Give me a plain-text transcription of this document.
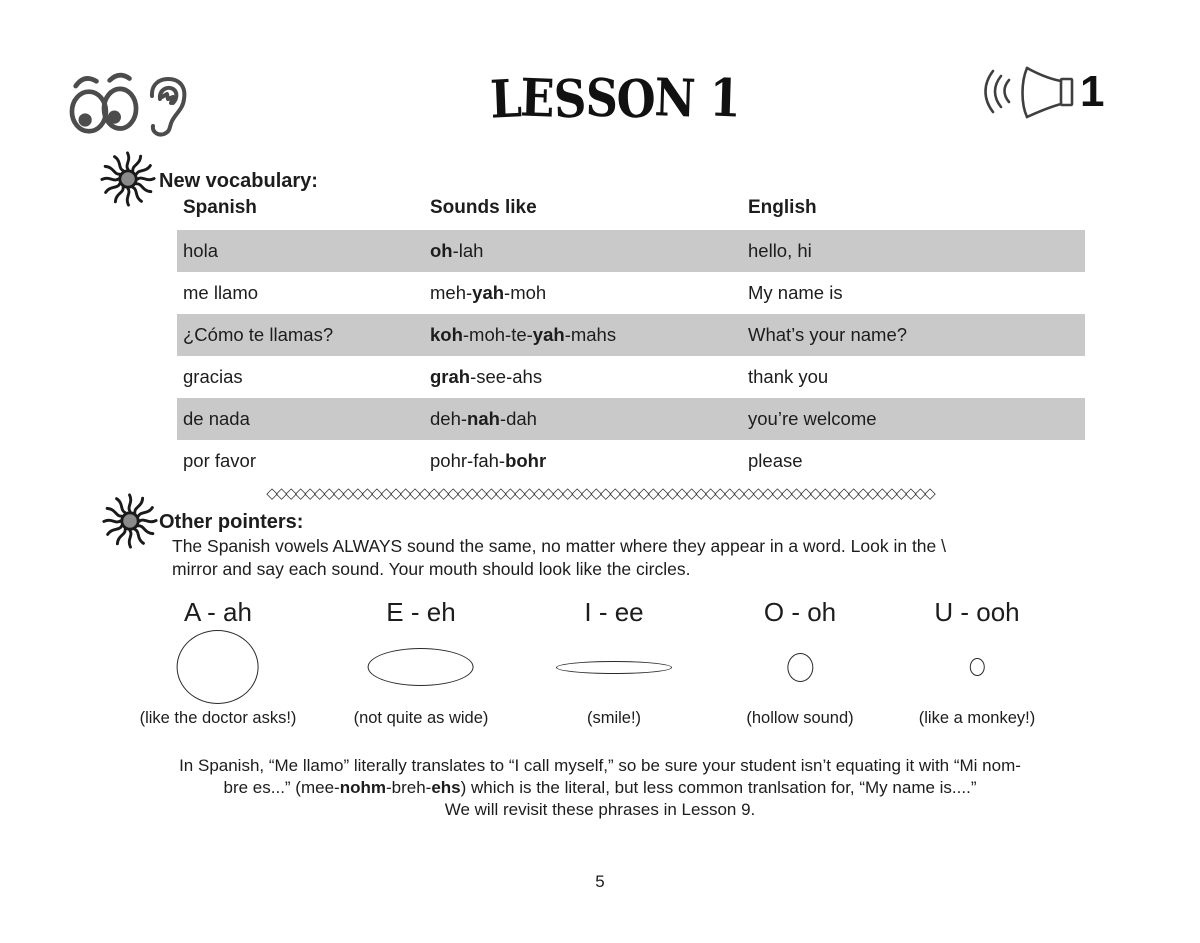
LESSON 1	1
New vocabulary:
Spanish	Sounds like	English
hola	oh-lah	hello, hi
me llamo	meh-yah-moh	My name is
¿Cómo te llamas?	koh-moh-te-yah-mahs	What’s your name?
gracias	grah-see-ahs	thank you
de nada	deh-nah-dah	you’re welcome
por favor	pohr-fah-bohr	please
◇◇◇◇◇◇◇◇◇◇◇◇◇◇◇◇◇◇◇◇◇◇◇◇◇◇◇◇◇◇◇◇◇◇◇◇◇◇◇◇◇◇◇◇◇◇◇◇◇◇◇◇◇◇◇◇◇◇◇◇◇◇◇◇◇◇◇◇◇◇
Other pointers:
The Spanish vowels ALWAYS sound the same, no matter where they appear in a word. Look in the \
mirror and say each sound. Your mouth should look like the circles.
A - ah
(like the doctor asks!)
E - eh
(not quite as wide)
I - ee
(smile!)
O - oh
(hollow sound)
U - ooh
(like a monkey!)
In Spanish, “Me llamo” literally translates to “I call myself,” so be sure your student isn’t equating it with “Mi nom-
bre es...” (mee-nohm-breh-ehs) which is the literal, but less common tranlsation for, “My name is....”
We will revisit these phrases in Lesson 9.
5
